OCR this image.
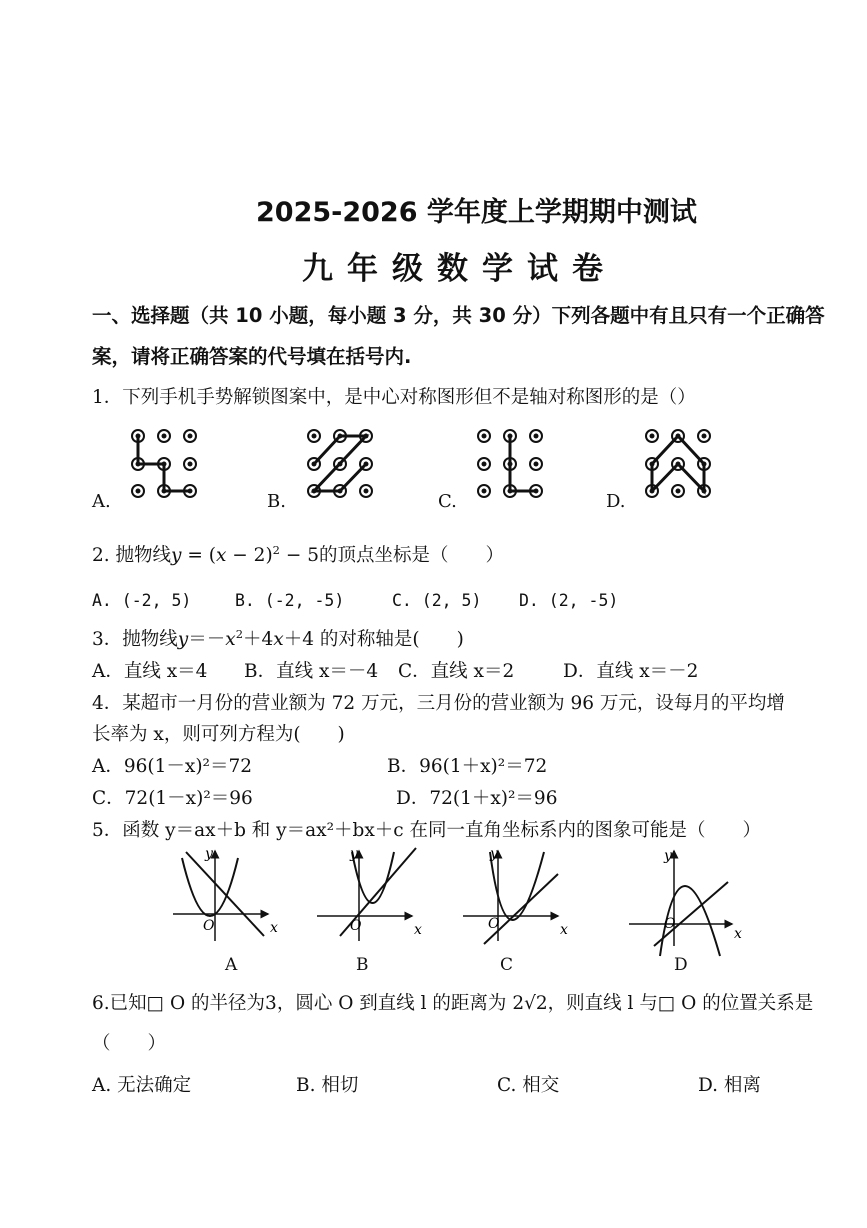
2025-2026 学年度上学期期中测试
九年级数学试卷
一、选择题（共 10 小题，每小题 3 分，共 30 分）下列各题中有且只有一个正确答
案，请将正确答案的代号填在括号内.
1．下列手机手势解锁图案中，是中心对称图形但不是轴对称图形的是（）
A.	B.	C.	D.
2. 抛物线$y = (x - 2)^2 - 5$的顶点坐标是（　　）
A. (-2, 5)	B. (-2, -5)	C. (2, 5) D. (2, -5)
3．抛物线$y=-x^2+4x+4$ 的对称轴是(　　)
A．直线 x＝4 B．直线 x＝－4 C．直线 x＝2	D．直线 x＝－2
4．某超市一月份的营业额为 72 万元，三月份的营业额为 96 万元，设每月的平均增
长率为 x，则可列方程为(　　)
A．96(1－x)²＝72	B．96(1＋x)²＝72
C．72(1－x)²＝96	D．72(1＋x)²＝96
5．函数 y＝ax＋b 和 y＝ax²＋bx＋c 在同一直角坐标系内的图象可能是（　　）
y
x
O
A
y
x
O
B
y
x
O
C
y
x
O
D
6.已知□ O 的半径为3，圆心 O 到直线 l 的距离为 2√2，则直线 l 与□ O 的位置关系是
（　　）
A. 无法确定	B. 相切	C. 相交	D. 相离
